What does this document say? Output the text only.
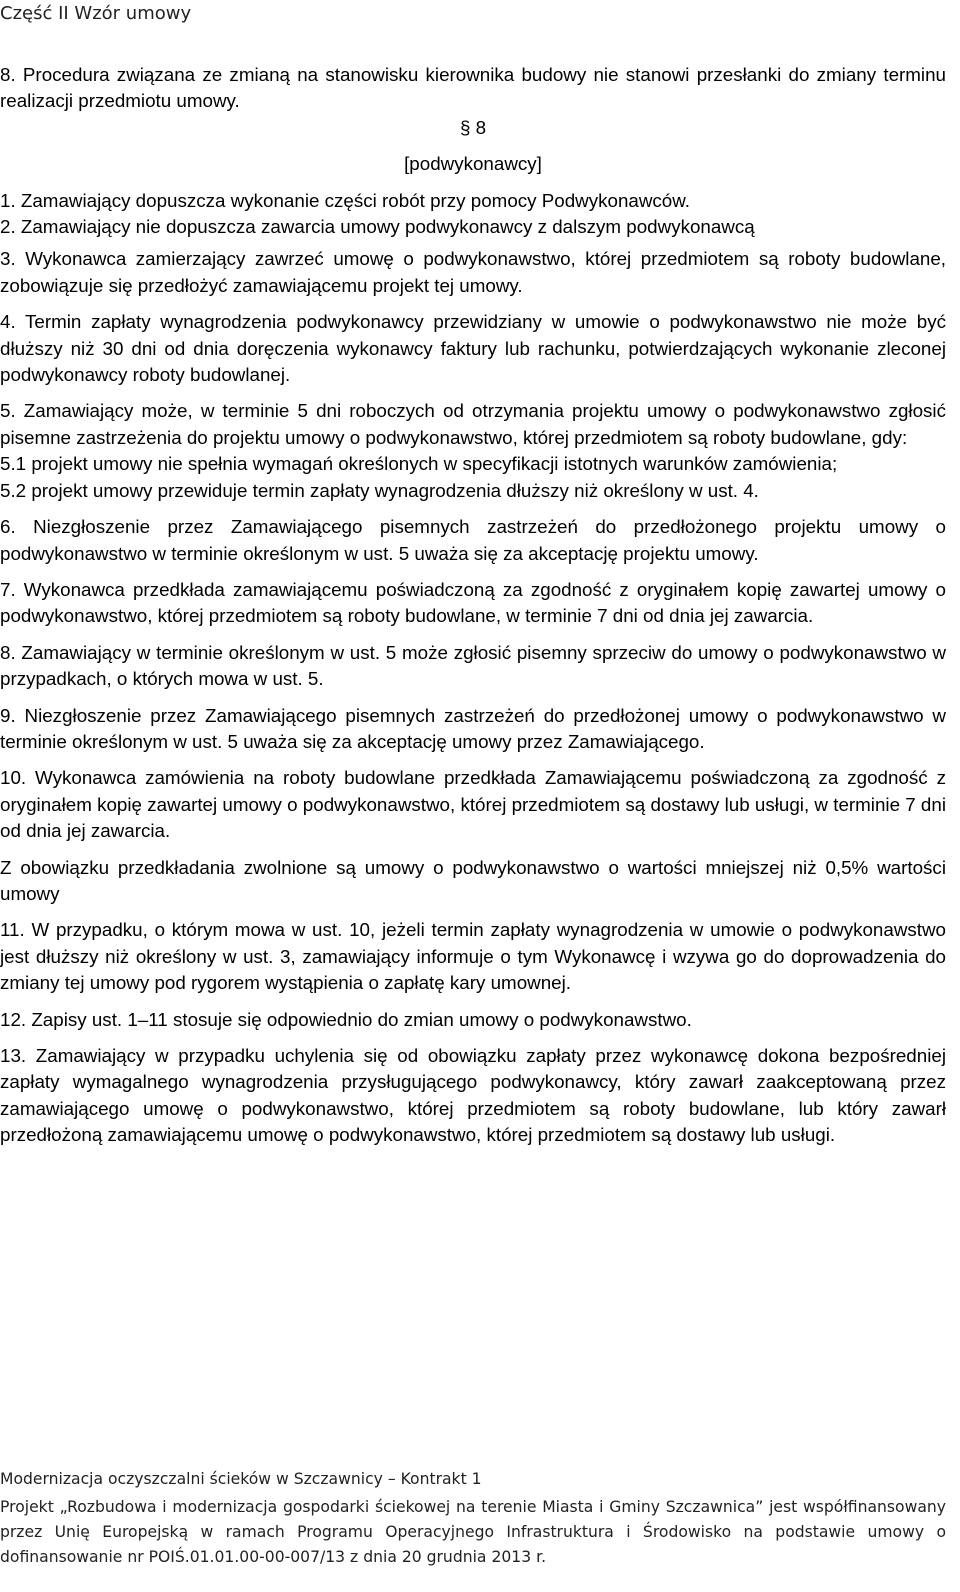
Część II Wzór umowy

8. Procedura związana ze zmianą na stanowisku kierownika budowy nie stanowi przesłanki do zmiany terminu realizacji przedmiotu umowy.

§ 8

[podwykonawcy]

1. Zamawiający dopuszcza wykonanie części robót przy pomocy Podwykonawców.

2. Zamawiający nie dopuszcza zawarcia umowy podwykonawcy z dalszym podwykonawcą

3. Wykonawca zamierzający zawrzeć umowę o podwykonawstwo, której przedmiotem są roboty budowlane, zobowiązuje się przedłożyć zamawiającemu projekt tej umowy.

4. Termin zapłaty wynagrodzenia podwykonawcy przewidziany w umowie o podwykonawstwo nie może być dłuższy niż 30 dni od dnia doręczenia wykonawcy faktury lub rachunku, potwierdzających wykonanie zleconej podwykonawcy roboty budowlanej.

5. Zamawiający może, w terminie 5 dni roboczych od otrzymania projektu umowy o podwykonawstwo zgłosić pisemne zastrzeżenia do projektu umowy o podwykonawstwo, której przedmiotem są roboty budowlane, gdy:

5.1 projekt umowy nie spełnia wymagań określonych w specyfikacji istotnych warunków zamówienia;

5.2 projekt umowy przewiduje termin zapłaty wynagrodzenia dłuższy niż określony w ust. 4.

6. Niezgłoszenie przez Zamawiającego pisemnych zastrzeżeń do przedłożonego projektu umowy o podwykonawstwo w terminie określonym w ust. 5 uważa się za akceptację projektu umowy.

7. Wykonawca przedkłada zamawiającemu poświadczoną za zgodność z oryginałem kopię zawartej umowy o podwykonawstwo, której przedmiotem są roboty budowlane, w terminie 7 dni od dnia jej zawarcia.

8. Zamawiający w terminie określonym w ust. 5 może zgłosić pisemny sprzeciw do umowy o podwykonawstwo w przypadkach, o których mowa w ust. 5.

9. Niezgłoszenie przez Zamawiającego pisemnych zastrzeżeń do przedłożonej umowy o podwykonawstwo w terminie określonym w ust. 5 uważa się za akceptację umowy przez Zamawiającego.

10. Wykonawca zamówienia na roboty budowlane przedkłada Zamawiającemu poświadczoną za zgodność z oryginałem kopię zawartej umowy o podwykonawstwo, której przedmiotem są dostawy lub usługi, w terminie 7 dni od dnia jej zawarcia.

Z obowiązku przedkładania zwolnione są umowy o podwykonawstwo o wartości mniejszej niż 0,5% wartości umowy

11. W przypadku, o którym mowa w ust. 10, jeżeli termin zapłaty wynagrodzenia w umowie o podwykonawstwo jest dłuższy niż określony w ust. 3, zamawiający informuje o tym Wykonawcę i wzywa go do doprowadzenia do zmiany tej umowy pod rygorem wystąpienia o zapłatę kary umownej.

12. Zapisy ust. 1–11 stosuje się odpowiednio do zmian umowy o podwykonawstwo.

13. Zamawiający w przypadku uchylenia się od obowiązku zapłaty przez wykonawcę dokona bezpośredniej zapłaty wymagalnego wynagrodzenia przysługującego podwykonawcy, który zawarł zaakceptowaną przez zamawiającego umowę o podwykonawstwo, której przedmiotem są roboty budowlane, lub który zawarł przedłożoną zamawiającemu umowę o podwykonawstwo, której przedmiotem są dostawy lub usługi.

Modernizacja oczyszczalni ścieków w Szczawnicy – Kontrakt 1

Projekt „Rozbudowa i modernizacja gospodarki ściekowej na terenie Miasta i Gminy Szczawnica” jest współfinansowany przez Unię Europejską w ramach Programu Operacyjnego Infrastruktura i Środowisko na podstawie umowy o dofinansowanie nr POIŚ.01.01.00-00-007/13 z dnia 20 grudnia 2013 r.
